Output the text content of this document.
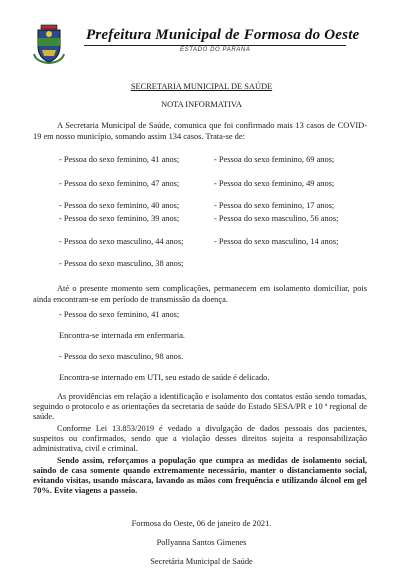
Prefeitura Municipal de Formosa do Oeste
ESTADO DO PARANÁ
SECRETARIA MUNICIPAL DE SAÚDE
NOTA INFORMATIVA
A Secretaria Municipal de Saúde, comunica que foi confirmado mais 13 casos de COVID-19 em nosso município, somando assim 134 casos. Trata-se de:
- Pessoa do sexo feminino, 41 anos;
- Pessoa do sexo feminino, 47 anos;
- Pessoa do sexo feminino, 40 anos;
- Pessoa do sexo feminino, 39 anos;
- Pessoa do sexo masculino, 44 anos;
- Pessoa do sexo masculino, 38 anos;
- Pessoa do sexo feminino, 69 anos;
- Pessoa do sexo feminino, 49 anos;
- Pessoa do sexo feminino, 17 anos;
- Pessoa do sexo masculino, 56 anos;
- Pessoa do sexo masculino, 14 anos;
Até o presente momento sem complicações, permanecem em isolamento domiciliar, pois ainda encontram-se em período de transmissão da doença.
- Pessoa do sexo feminino, 41 anos;
Encontra-se internada em enfermaria.
- Pessoa do sexo masculino, 98 anos.
Encontra-se internado em UTI, seu estado de saúde é delicado.
As providências em relação a identificação e isolamento dos contatos estão sendo tomadas, seguindo o protocolo e as orientações da secretaria de saúde do Estado SESA/PR e 10 ª regional de saúde.
Conforme Lei 13.853/2019 é vedado a divulgação de dados pessoais dos pacientes, suspeitos ou confirmados, sendo que a violação desses direitos sujeita a responsabilização administrativa, civil e criminal.
Sendo assim, reforçamos a população que cumpra as medidas de isolamento social, saindo de casa somente quando extremamente necessário, manter o distanciamento social, evitando visitas, usando máscara, lavando as mãos com frequência e utilizando álcool em gel 70%. Evite viagens a passeio.
Formosa do Oeste, 06 de janeiro de 2021.
Pollyanna Santos Gimenes
Secretária Municipal de Saúde
